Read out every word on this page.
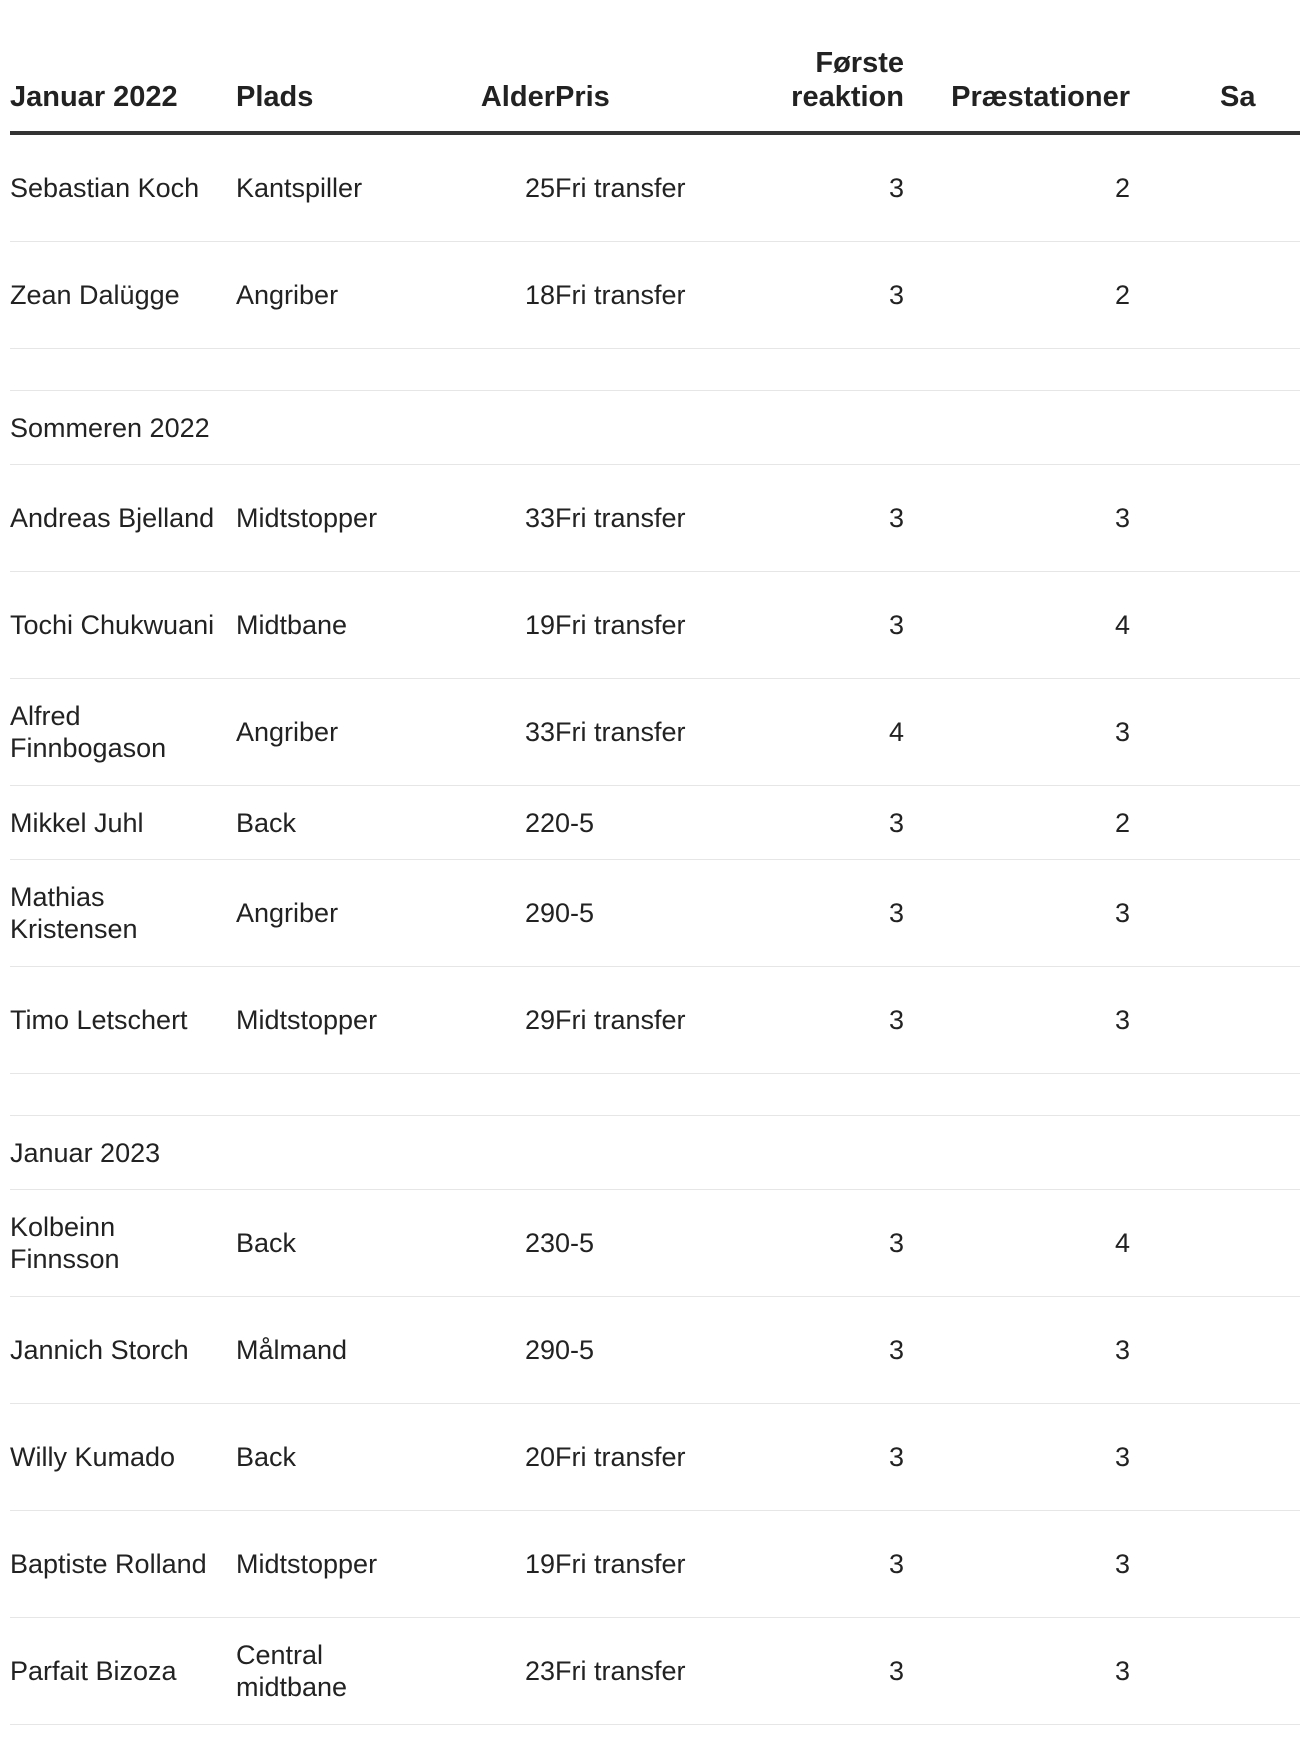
Januar 2022	Plads	Alder	Pris	Første reaktion	Præstationer	Sa
Sebastian Koch	Kantspiller	25	Fri transfer	3	2	
Zean Dalügge	Angriber	18	Fri transfer	3	2	

Sommeren 2022						
Andreas Bjelland	Midtstopper	33	Fri transfer	3	3	
Tochi Chukwuani	Midtbane	19	Fri transfer	3	4	
Alfred Finnbogason	Angriber	33	Fri transfer	4	3	
Mikkel Juhl	Back	22	0-5	3	2	
Mathias Kristensen	Angriber	29	0-5	3	3	
Timo Letschert	Midtstopper	29	Fri transfer	3	3	

Januar 2023						
Kolbeinn Finnsson	Back	23	0-5	3	4	
Jannich Storch	Målmand	29	0-5	3	3	
Willy Kumado	Back	20	Fri transfer	3	3	
Baptiste Rolland	Midtstopper	19	Fri transfer	3	3	
Parfait Bizoza	Central midtbane	23	Fri transfer	3	3	
